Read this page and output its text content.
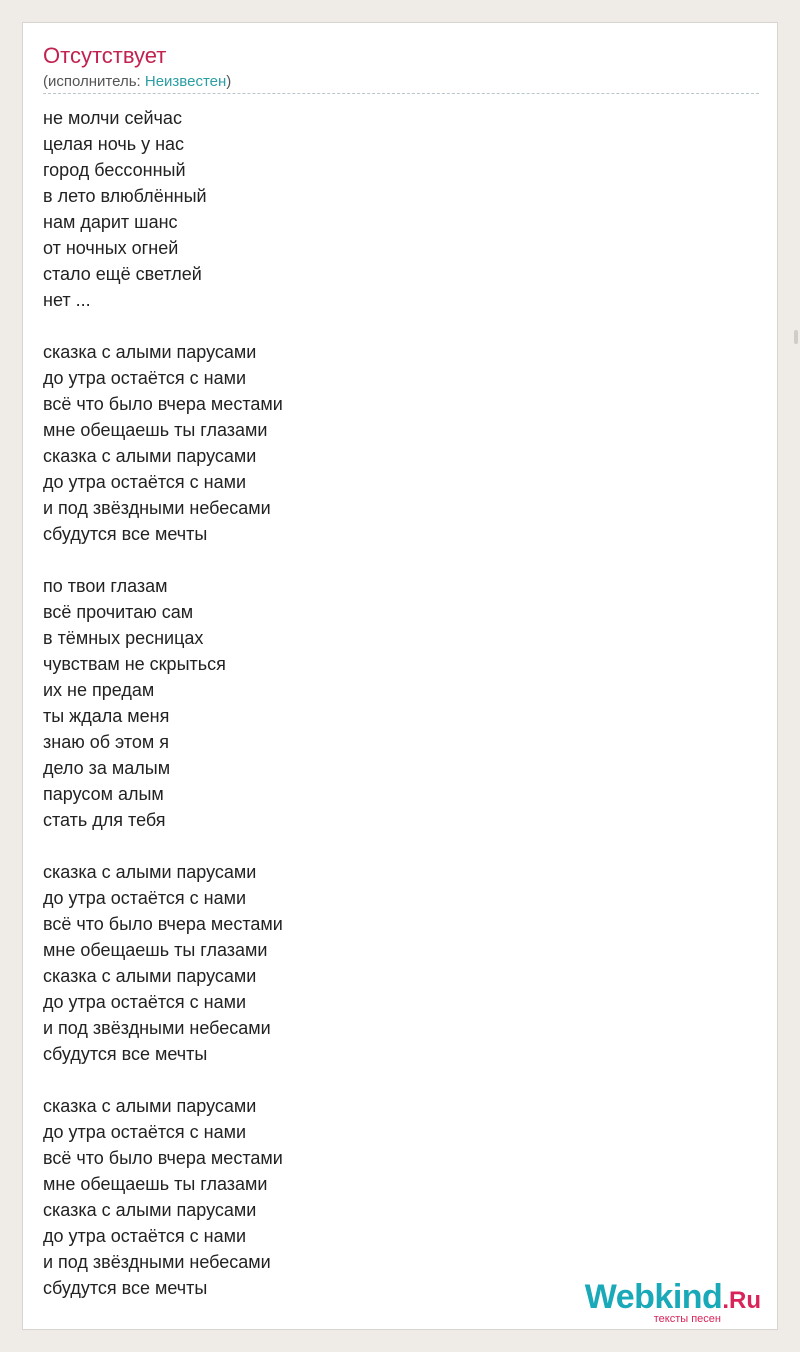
Отсутствует
(исполнитель: Неизвестен)
не молчи сейчас
целая ночь у нас
город бессонный
в лето влюблённый
нам дарит шанс
от ночных огней
стало ещё светлей
нет ...
сказка с алыми парусами
до утра остаётся с нами
всё что было вчера местами
мне обещаешь ты глазами
сказка с алыми парусами
до утра остаётся с нами
и под звёздными небесами
сбудутся все мечты
по твои глазам
всё прочитаю сам
в тёмных ресницах
чувствам не скрыться
их не предам
ты ждала меня
знаю об этом я
дело за малым
парусом алым
стать для тебя
сказка с алыми парусами
до утра остаётся с нами
всё что было вчера местами
мне обещаешь ты глазами
сказка с алыми парусами
до утра остаётся с нами
и под звёздными небесами
сбудутся все мечты
сказка с алыми парусами
до утра остаётся с нами
всё что было вчера местами
мне обещаешь ты глазами
сказка с алыми парусами
до утра остаётся с нами
и под звёздными небесами
сбудутся все мечты	Webkind.Ru
тексты песен
